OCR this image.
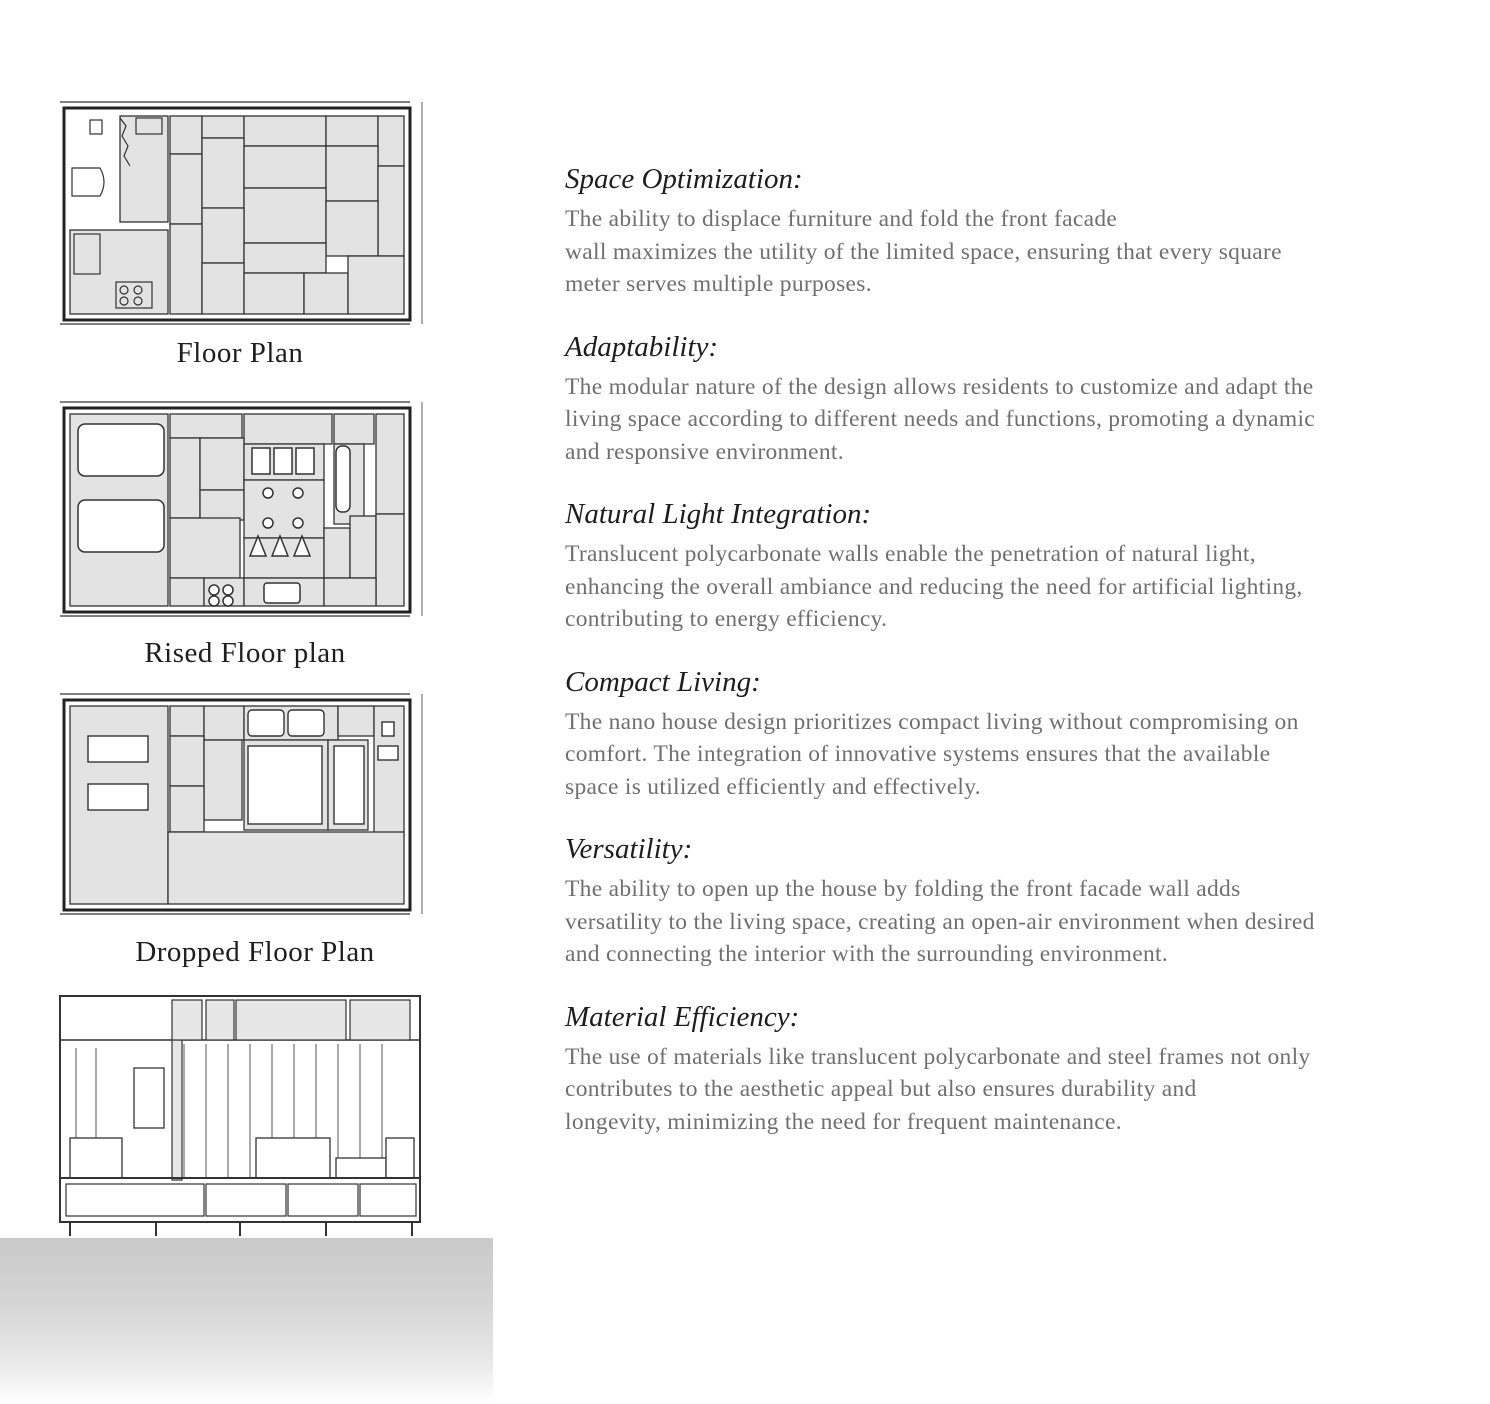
Floor Plan
Rised Floor plan
Dropped Floor Plan
Space Optimization:
The ability to displace furniture and fold the front facade
wall maximizes the utility of the limited space, ensuring that every square
meter serves multiple purposes.
Adaptability:
The modular nature of the design allows residents to customize and adapt the
living space according to different needs and functions, promoting a dynamic
and responsive environment.
Natural Light Integration:
Translucent polycarbonate walls enable the penetration of natural light,
enhancing the overall ambiance and reducing the need for artificial lighting,
contributing to energy efficiency.
Compact Living:
The nano house design prioritizes compact living without compromising on
comfort. The integration of innovative systems ensures that the available
space is utilized efficiently and effectively.
Versatility:
The ability to open up the house by folding the front facade wall adds
versatility to the living space, creating an open-air environment when desired
and connecting the interior with the surrounding environment.
Material Efficiency:
The use of materials like translucent polycarbonate and steel frames not only
contributes to the aesthetic appeal but also ensures durability and
longevity, minimizing the need for frequent maintenance.
